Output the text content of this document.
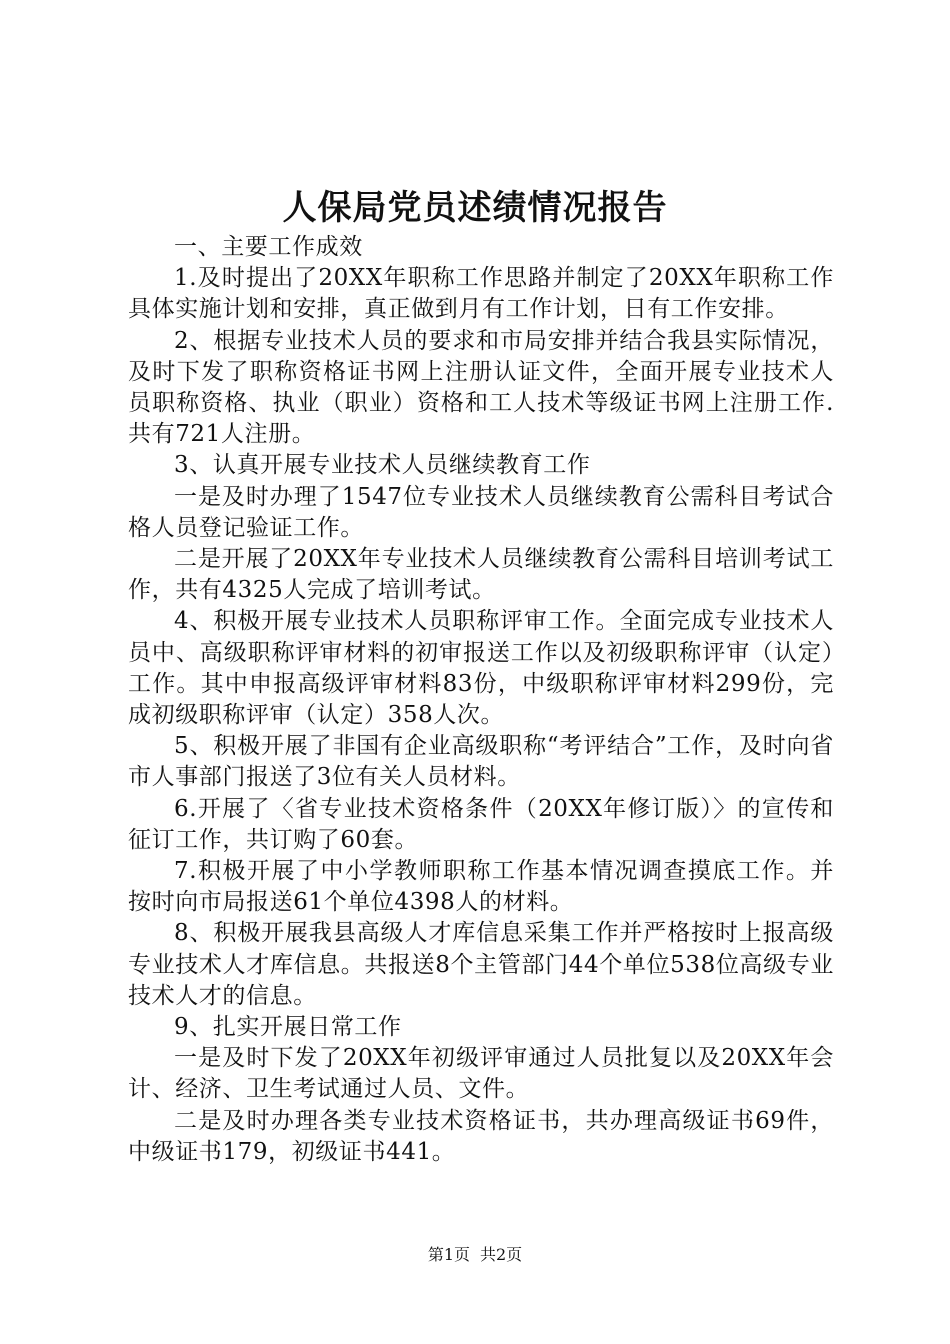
人保局党员述绩情况报告

一、主要工作成效

1.及时提出了20XX年职称工作思路并制定了20XX年职称工作具体实施计划和安排，真正做到月有工作计划，日有工作安排。

2、根据专业技术人员的要求和市局安排并结合我县实际情况，及时下发了职称资格证书网上注册认证文件，全面开展专业技术人员职称资格、执业（职业）资格和工人技术等级证书网上注册工作.共有721人注册。

3、认真开展专业技术人员继续教育工作

一是及时办理了1547位专业技术人员继续教育公需科目考试合格人员登记验证工作。

二是开展了20XX年专业技术人员继续教育公需科目培训考试工作，共有4325人完成了培训考试。

4、积极开展专业技术人员职称评审工作。全面完成专业技术人员中、高级职称评审材料的初审报送工作以及初级职称评审（认定）工作。其中申报高级评审材料83份，中级职称评审材料299份，完成初级职称评审（认定）358人次。

5、积极开展了非国有企业高级职称“考评结合”工作，及时向省市人事部门报送了3位有关人员材料。

6.开展了〈省专业技术资格条件（20XX年修订版）〉的宣传和征订工作，共订购了60套。

7.积极开展了中小学教师职称工作基本情况调查摸底工作。并按时向市局报送61个单位4398人的材料。

8、积极开展我县高级人才库信息采集工作并严格按时上报高级专业技术人才库信息。共报送8个主管部门44个单位538位高级专业技术人才的信息。

9、扎实开展日常工作

一是及时下发了20XX年初级评审通过人员批复以及20XX年会计、经济、卫生考试通过人员、文件。

二是及时办理各类专业技术资格证书，共办理高级证书69件，中级证书179，初级证书441。

第1页 共2页
